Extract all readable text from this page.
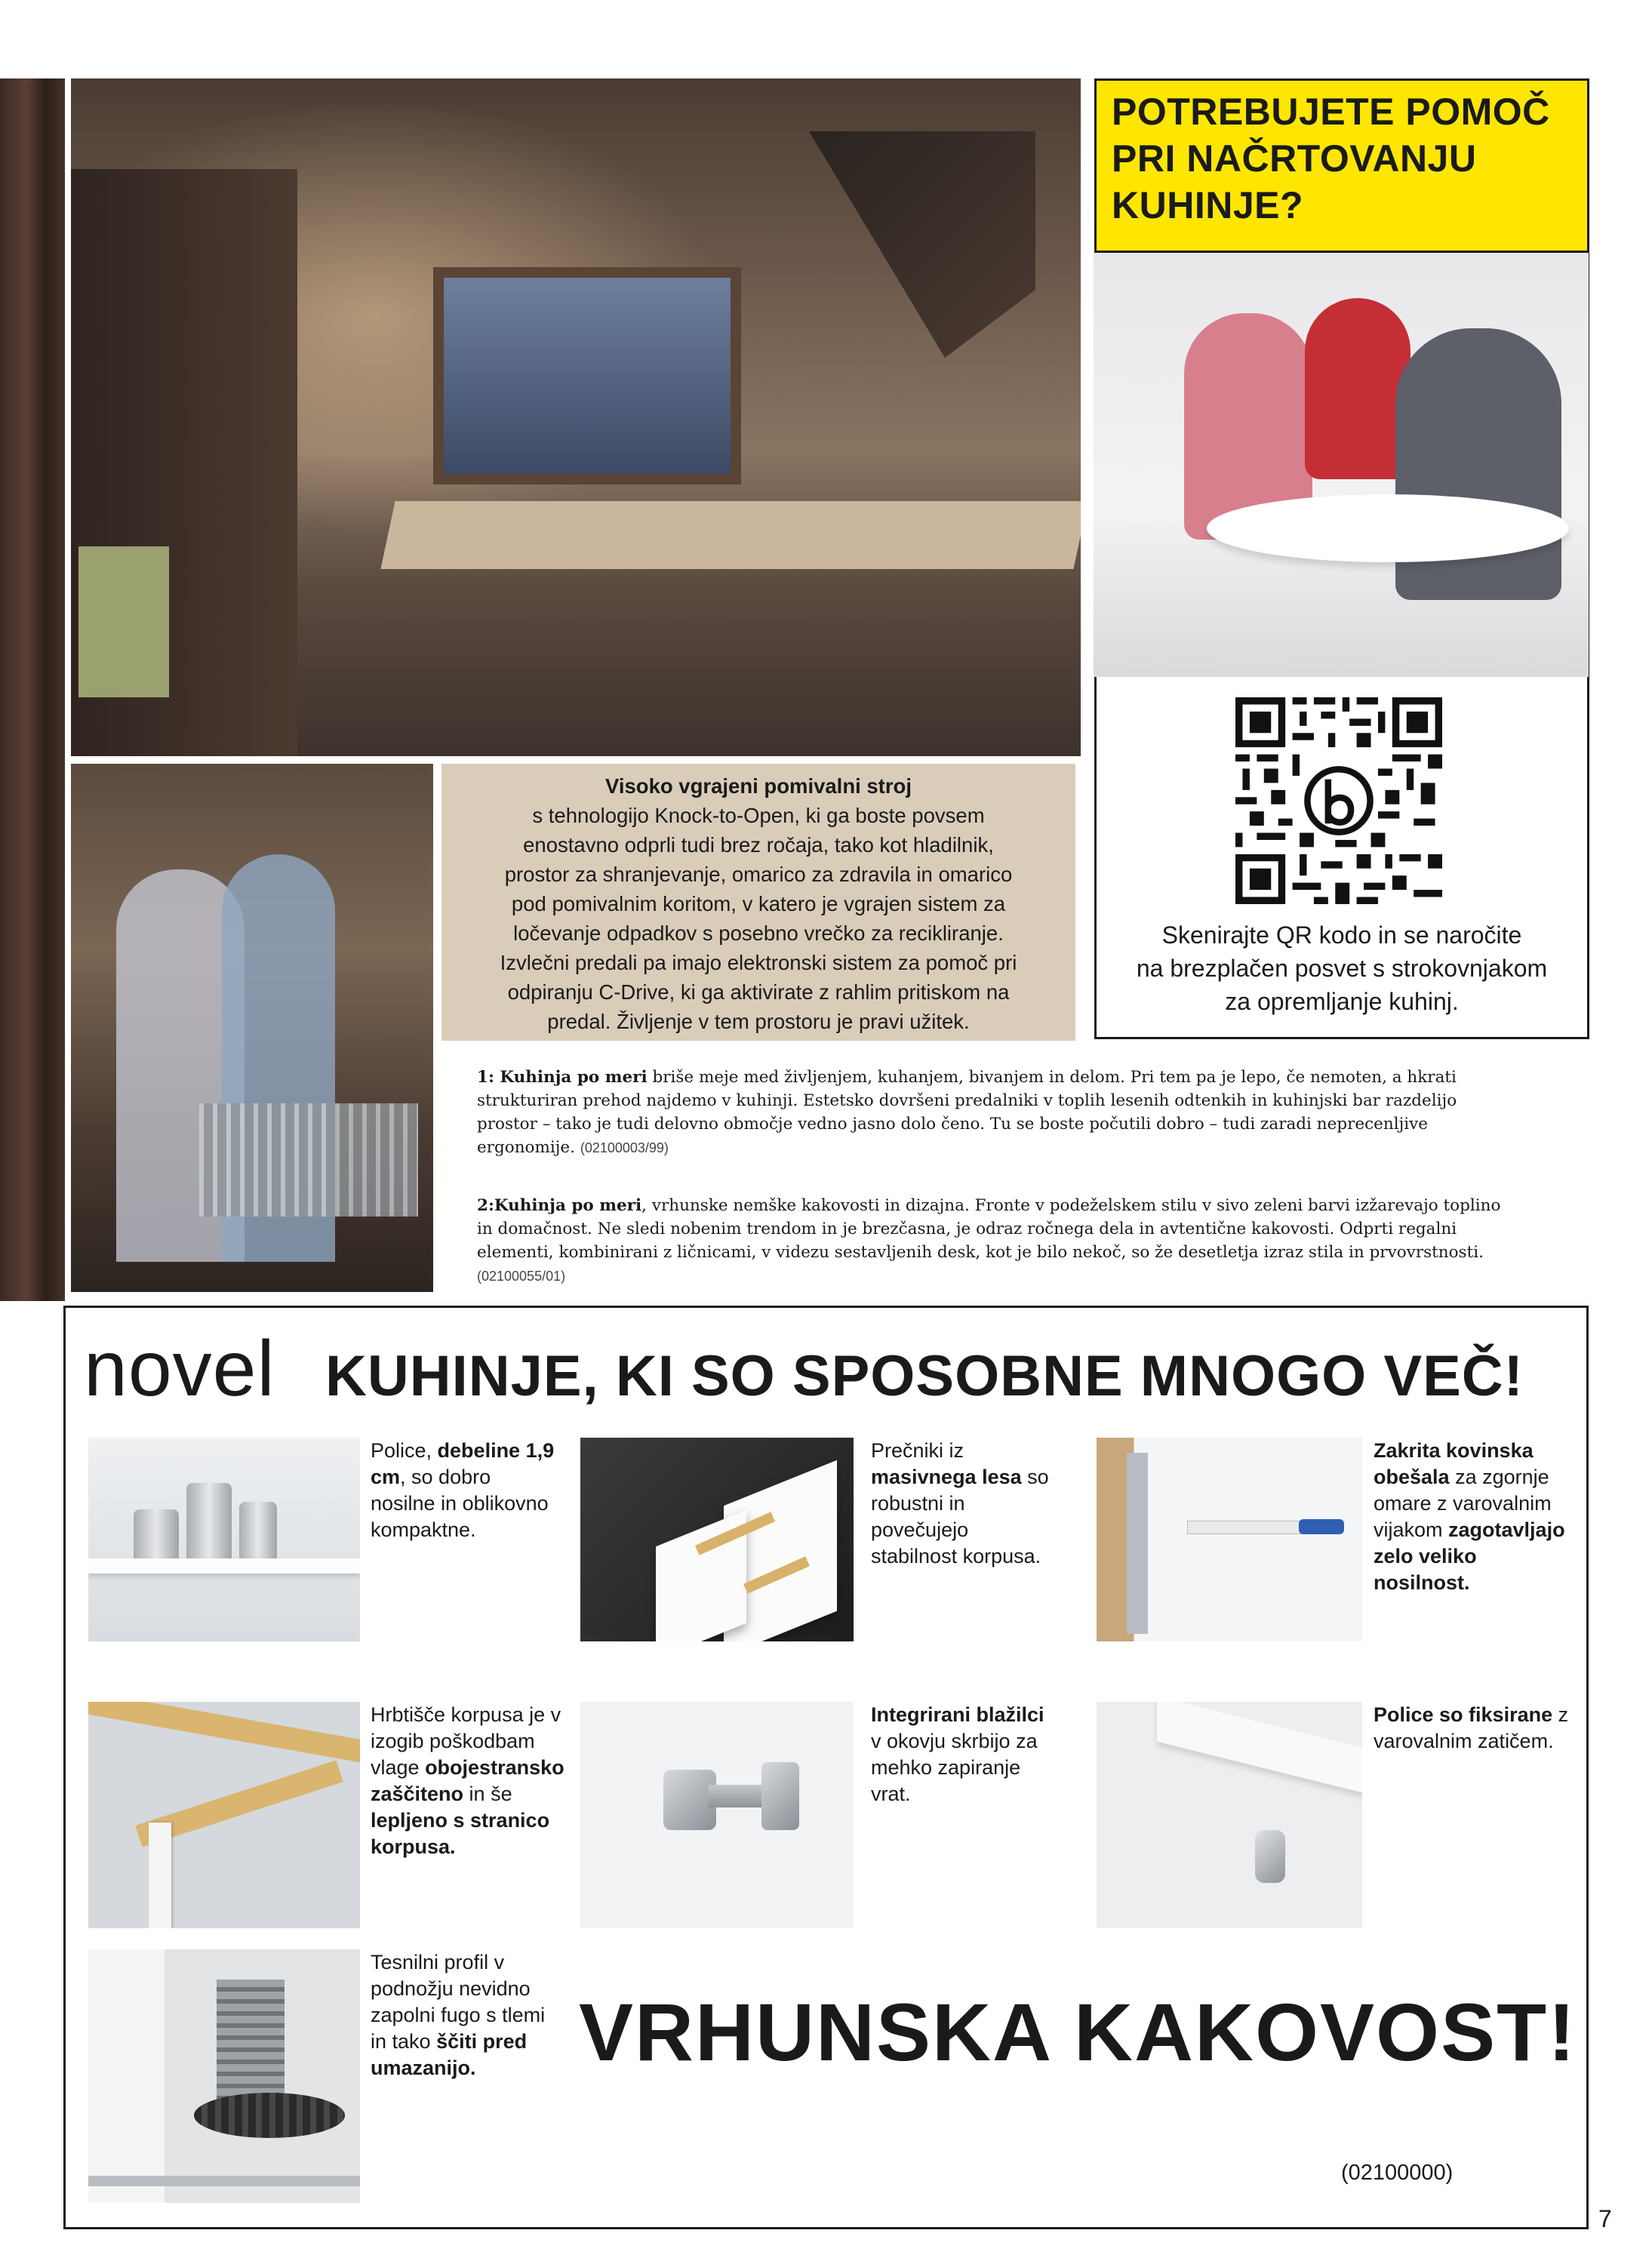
POTREBUJETE POMOČ
PRI NAČRTOVANJU
KUHINJE?
Skenirajte QR kodo in se naročite
na brezplačen posvet s strokovnjakom
za opremljanje kuhinj.
Visoko vgrajeni pomivalni stroj
s tehnologijo Knock-to-Open, ki ga boste povsem
enostavno odprli tudi brez ročaja, tako kot hladilnik,
prostor za shranjevanje, omarico za zdravila in omarico
pod pomivalnim koritom, v katero je vgrajen sistem za
ločevanje odpadkov s posebno vrečko za recikliranje.
Izvlečni predali pa imajo elektronski sistem za pomoč pri
odpiranju C-Drive, ki ga aktivirate z rahlim pritiskom na
predal. Življenje v tem prostoru je pravi užitek.
1: Kuhinja po meri briše meje med življenjem, kuhanjem, bivanjem in delom. Pri tem pa je lepo, če nemoten, a hkrati strukturiran prehod najdemo v kuhinji. Estetsko dovršeni predalniki v toplih lesenih odtenkih in kuhinjski bar razdelijo prostor – tako je tudi delovno območje vedno jasno dolo čeno. Tu se boste počutili dobro – tudi zaradi neprecenljive ergonomije. (02100003/99)
2:Kuhinja po meri, vrhunske nemške kakovosti in dizajna. Fronte v podeželskem stilu v sivo zeleni barvi izžarevajo toplino in domačnost. Ne sledi nobenim trendom in je brezčasna, je odraz ročnega dela in avtentične kakovosti. Odprti regalni elementi, kombinirani z ličnicami, v videzu sestavljenih desk, kot je bilo nekoč, so že desetletja izraz stila in prvovrstnosti. (02100055/01)
novel KUHINJE, KI SO SPOSOBNE MNOGO VEČ!
Police, debeline 1,9 cm, so dobro nosilne in oblikovno kompaktne.
Prečniki iz masivnega lesa so robustni in povečujejo stabilnost korpusa.
Zakrita kovinska obešala za zgornje omare z varovalnim vijakom zagotavljajo zelo veliko nosilnost.
Hrbtišče korpusa je v izogib poškodbam vlage obojestransko zaščiteno in še lepljeno s stranico korpusa.
Integrirani blažilci v okovju skrbijo za mehko zapiranje vrat.
Police so fiksirane z varovalnim zatičem.
Tesnilni profil v podnožju nevidno zapolni fugo s tlemi in tako ščiti pred umazanijo.	VRHUNSKA KAKOVOST!
(02100000)
7
